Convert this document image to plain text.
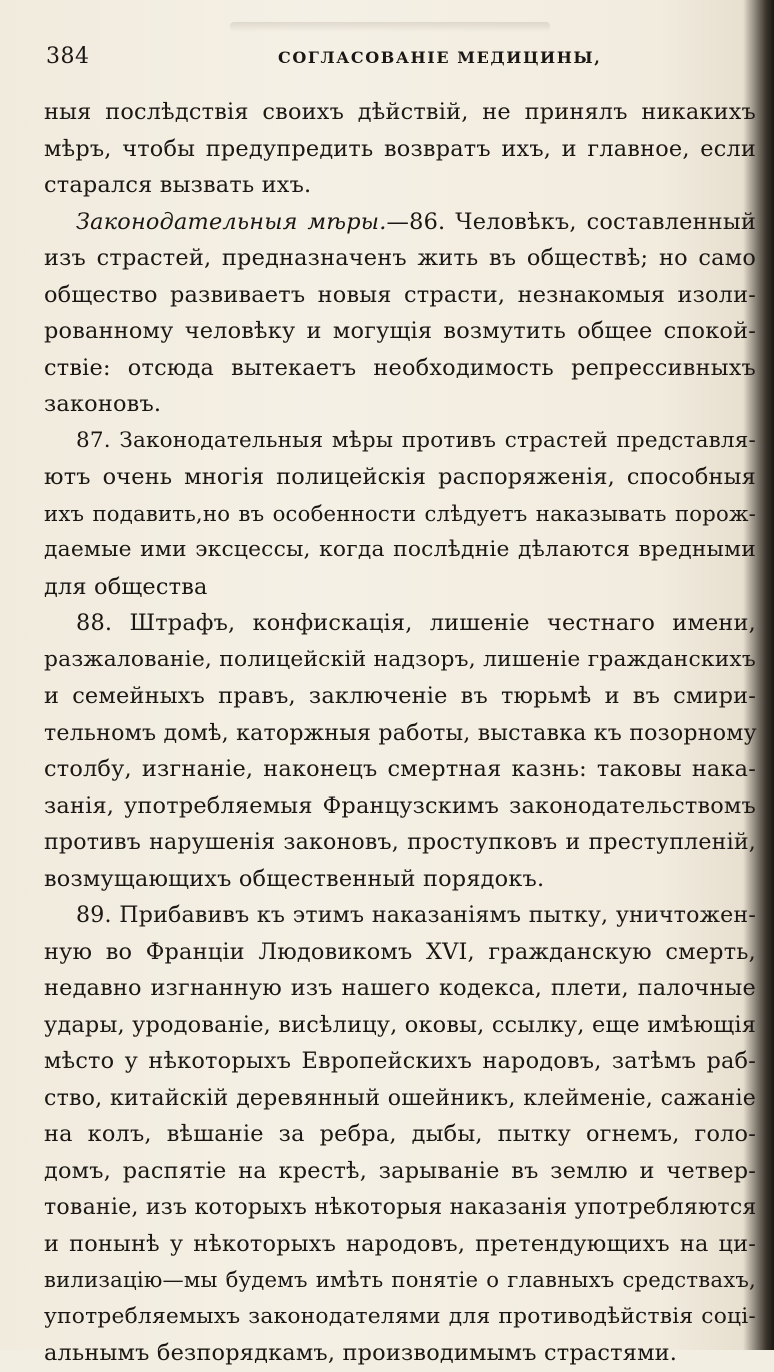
384	СОГЛАСОВАНІЕ МЕДИЦИНЫ,
ныя послѣдствія своихъ дѣйствій, не принялъ никакихъ
мѣръ, чтобы предупредить возвратъ ихъ, и главное, если
старался вызвать ихъ.
Законодательныя мѣры.—86. Человѣкъ, составленный
изъ страстей, предназначенъ жить въ обществѣ; но само
общество развиваетъ новыя страсти, незнакомыя изоли-
рованному человѣку и могущія возмутить общее спокой-
ствіе: отсюда вытекаетъ необходимость репрессивныхъ
законовъ.
87. Законодательныя мѣры противъ страстей представля-
ютъ очень многія полицейскія распоряженія, способныя
ихъ подавить,но въ особенности слѣдуетъ наказывать порож-
даемые ими эксцессы, когда послѣдніе дѣлаются вредными
для общества
88. Штрафъ, конфискація, лишеніе честнаго имени,
разжалованіе, полицейскій надзоръ, лишеніе гражданскихъ
и семейныхъ правъ, заключеніе въ тюрьмѣ и въ смири-
тельномъ домѣ, каторжныя работы, выставка къ позорному
столбу, изгнаніе, наконецъ смертная казнь: таковы нака-
занія, употребляемыя Французскимъ законодательствомъ
противъ нарушенія законовъ, проступковъ и преступленій,
возмущающихъ общественный порядокъ.
89. Прибавивъ къ этимъ наказаніямъ пытку, уничтожен-
ную во Франціи Людовикомъ XVI, гражданскую смерть,
недавно изгнанную изъ нашего кодекса, плети, палочные
удары, уродованіе, висѣлицу, оковы, ссылку, еще имѣющія
мѣсто у нѣкоторыхъ Европейскихъ народовъ, затѣмъ раб-
ство, китайскій деревянный ошейникъ, клейменіе, сажаніе
на колъ, вѣшаніе за ребра, дыбы, пытку огнемъ, голо-
домъ, распятіе на крестѣ, зарываніе въ землю и четвер-
тованіе, изъ которыхъ нѣкоторыя наказанія употребляются
и понынѣ у нѣкоторыхъ народовъ, претендующихъ на ци-
вилизацію—мы будемъ имѣть понятіе о главныхъ средствахъ,
употребляемыхъ законодателями для противодѣйствія соці-
альнымъ безпорядкамъ, производимымъ страстями.
